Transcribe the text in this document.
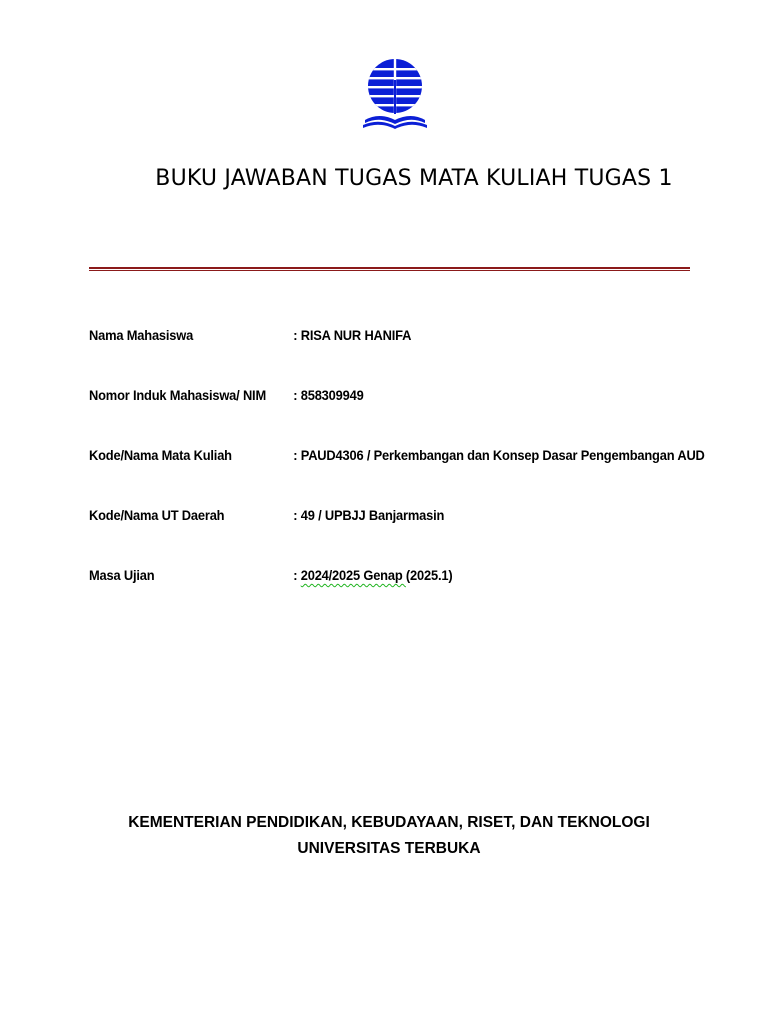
BUKU JAWABAN TUGAS MATA KULIAH TUGAS 1
Nama Mahasiswa	: RISA NUR HANIFA
Nomor Induk Mahasiswa/ NIM : 858309949
Kode/Nama Mata Kuliah	: PAUD4306 / Perkembangan dan Konsep Dasar Pengembangan AUD
Kode/Nama UT Daerah	: 49 / UPBJJ Banjarmasin
Masa Ujian	: 2024/2025 Genap (2025.1)
KEMENTERIAN PENDIDIKAN, KEBUDAYAAN, RISET, DAN TEKNOLOGI
UNIVERSITAS TERBUKA
